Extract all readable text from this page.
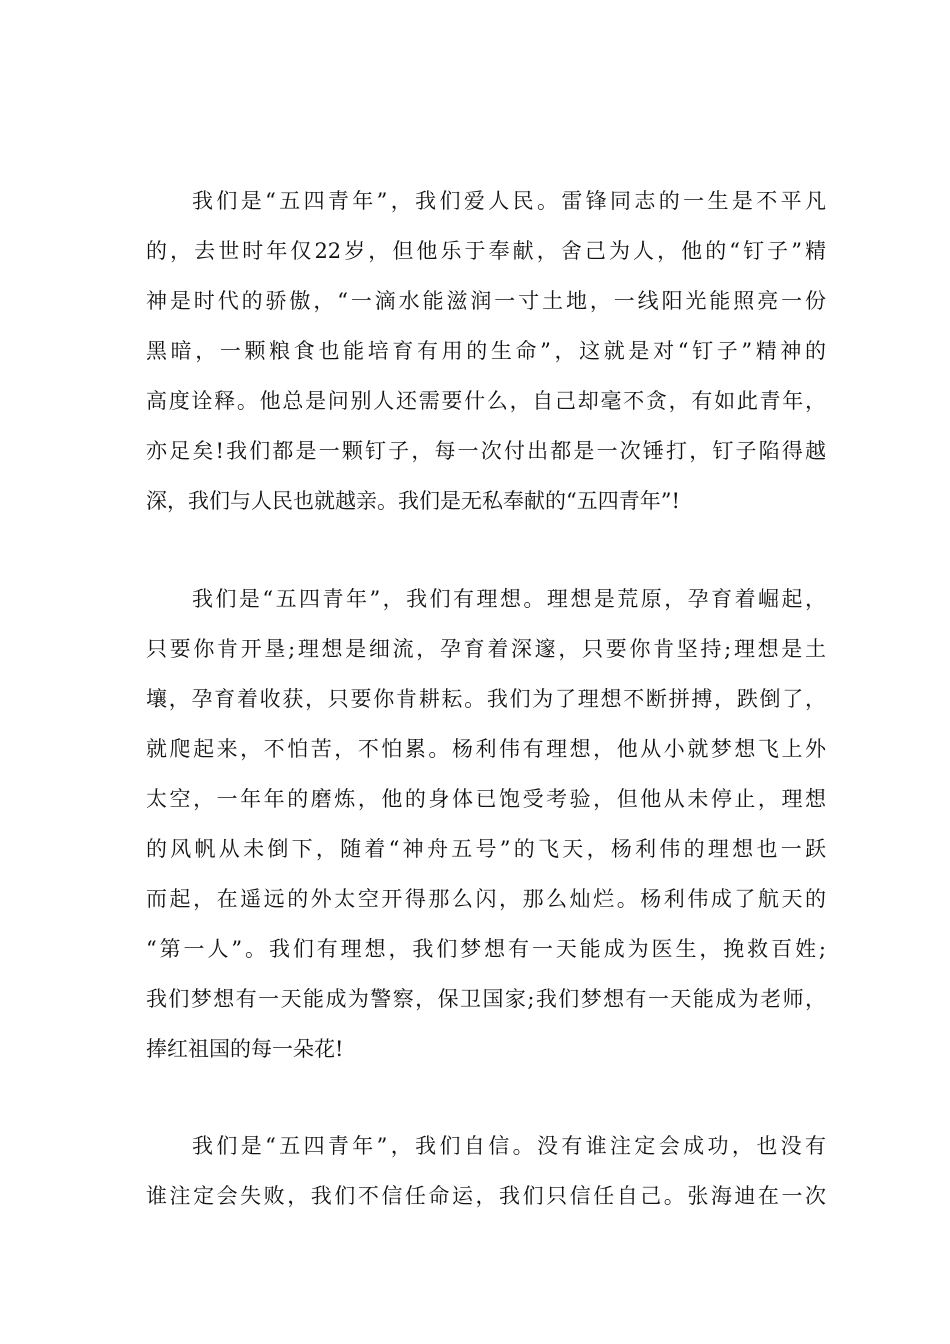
我们是“五四青年”，我们爱人民。雷锋同志的一生是不平凡
的，去世时年仅22岁，但他乐于奉献，舍己为人，他的“钉子”精
神是时代的骄傲，“一滴水能滋润一寸土地，一线阳光能照亮一份
黑暗，一颗粮食也能培育有用的生命”，这就是对“钉子”精神的
高度诠释。他总是问别人还需要什么，自己却毫不贪，有如此青年，
亦足矣!我们都是一颗钉子，每一次付出都是一次锤打，钉子陷得越
深，我们与人民也就越亲。我们是无私奉献的“五四青年”!
我们是“五四青年”，我们有理想。理想是荒原，孕育着崛起，
只要你肯开垦;理想是细流，孕育着深邃，只要你肯坚持;理想是土
壤，孕育着收获，只要你肯耕耘。我们为了理想不断拼搏，跌倒了，
就爬起来，不怕苦，不怕累。杨利伟有理想，他从小就梦想飞上外
太空，一年年的磨炼，他的身体已饱受考验，但他从未停止，理想
的风帆从未倒下，随着“神舟五号”的飞天，杨利伟的理想也一跃
而起，在遥远的外太空开得那么闪，那么灿烂。杨利伟成了航天的
“第一人”。我们有理想，我们梦想有一天能成为医生，挽救百姓;
我们梦想有一天能成为警察，保卫国家;我们梦想有一天能成为老师，
捧红祖国的每一朵花!
我们是“五四青年”，我们自信。没有谁注定会成功，也没有
谁注定会失败，我们不信任命运，我们只信任自己。张海迪在一次
